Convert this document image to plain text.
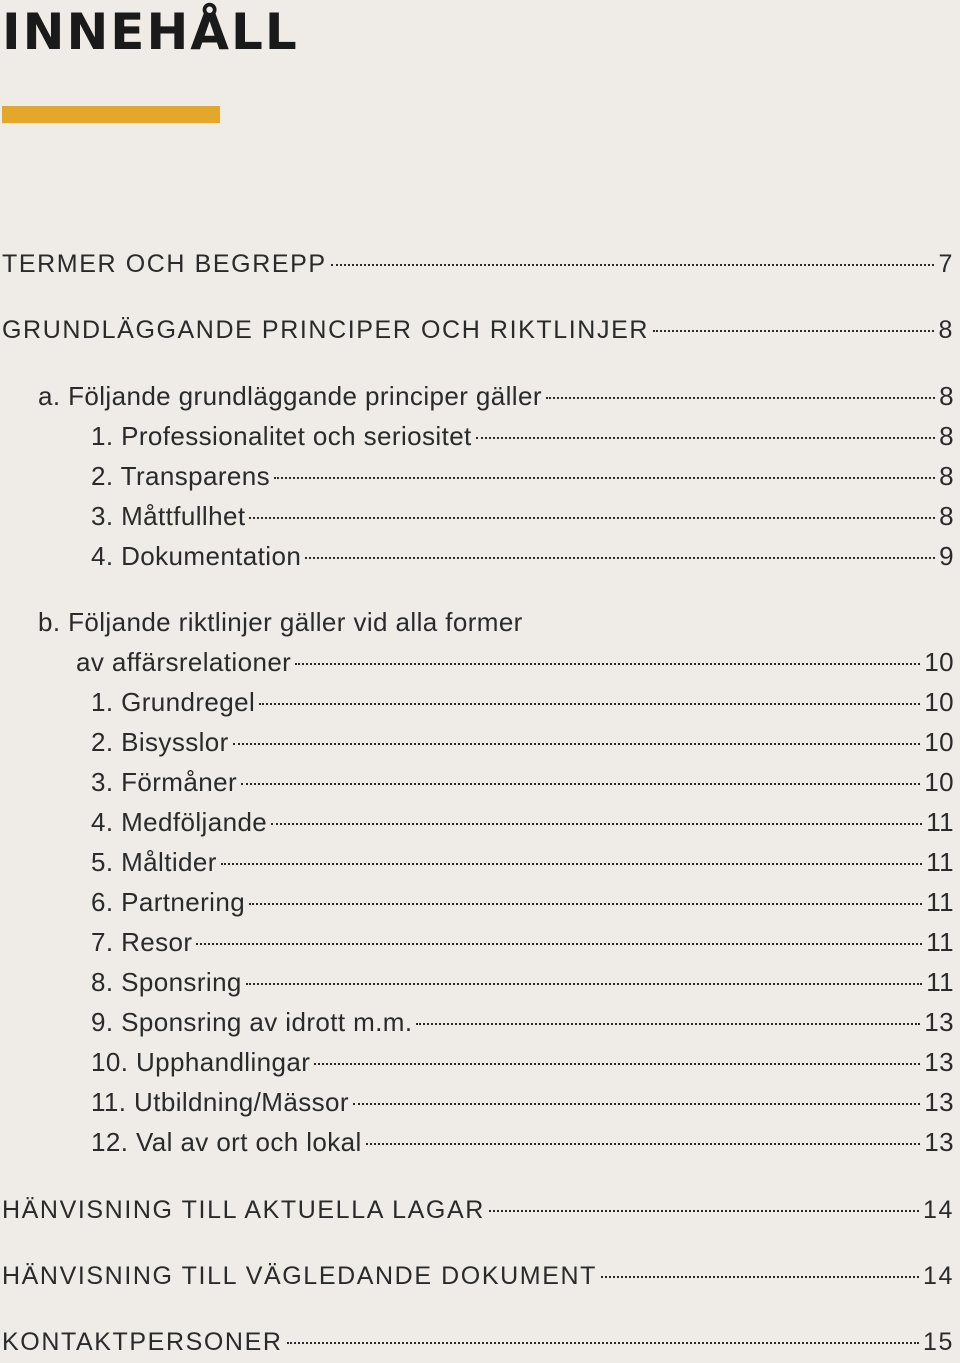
INNEHÅLL
TERMER OCH BEGREPP	7
GRUNDLÄGGANDE PRINCIPER OCH RIKTLINJER	8
a. Följande grundläggande principer gäller	8
1. Professionalitet och seriositet	8
2. Transparens	8
3. Måttfullhet	8
4. Dokumentation	9
b. Följande riktlinjer gäller vid alla former
av affärsrelationer	10
1. Grundregel	10
2. Bisysslor	10
3. Förmåner	10
4. Medföljande	11
5. Måltider	11
6. Partnering	11
7. Resor	11
8. Sponsring	11
9. Sponsring av idrott m.m.	13
10. Upphandlingar	13
11. Utbildning/Mässor	13
12. Val av ort och lokal	13
HÄNVISNING TILL AKTUELLA LAGAR	14
HÄNVISNING TILL VÄGLEDANDE DOKUMENT	14
KONTAKTPERSONER	15
